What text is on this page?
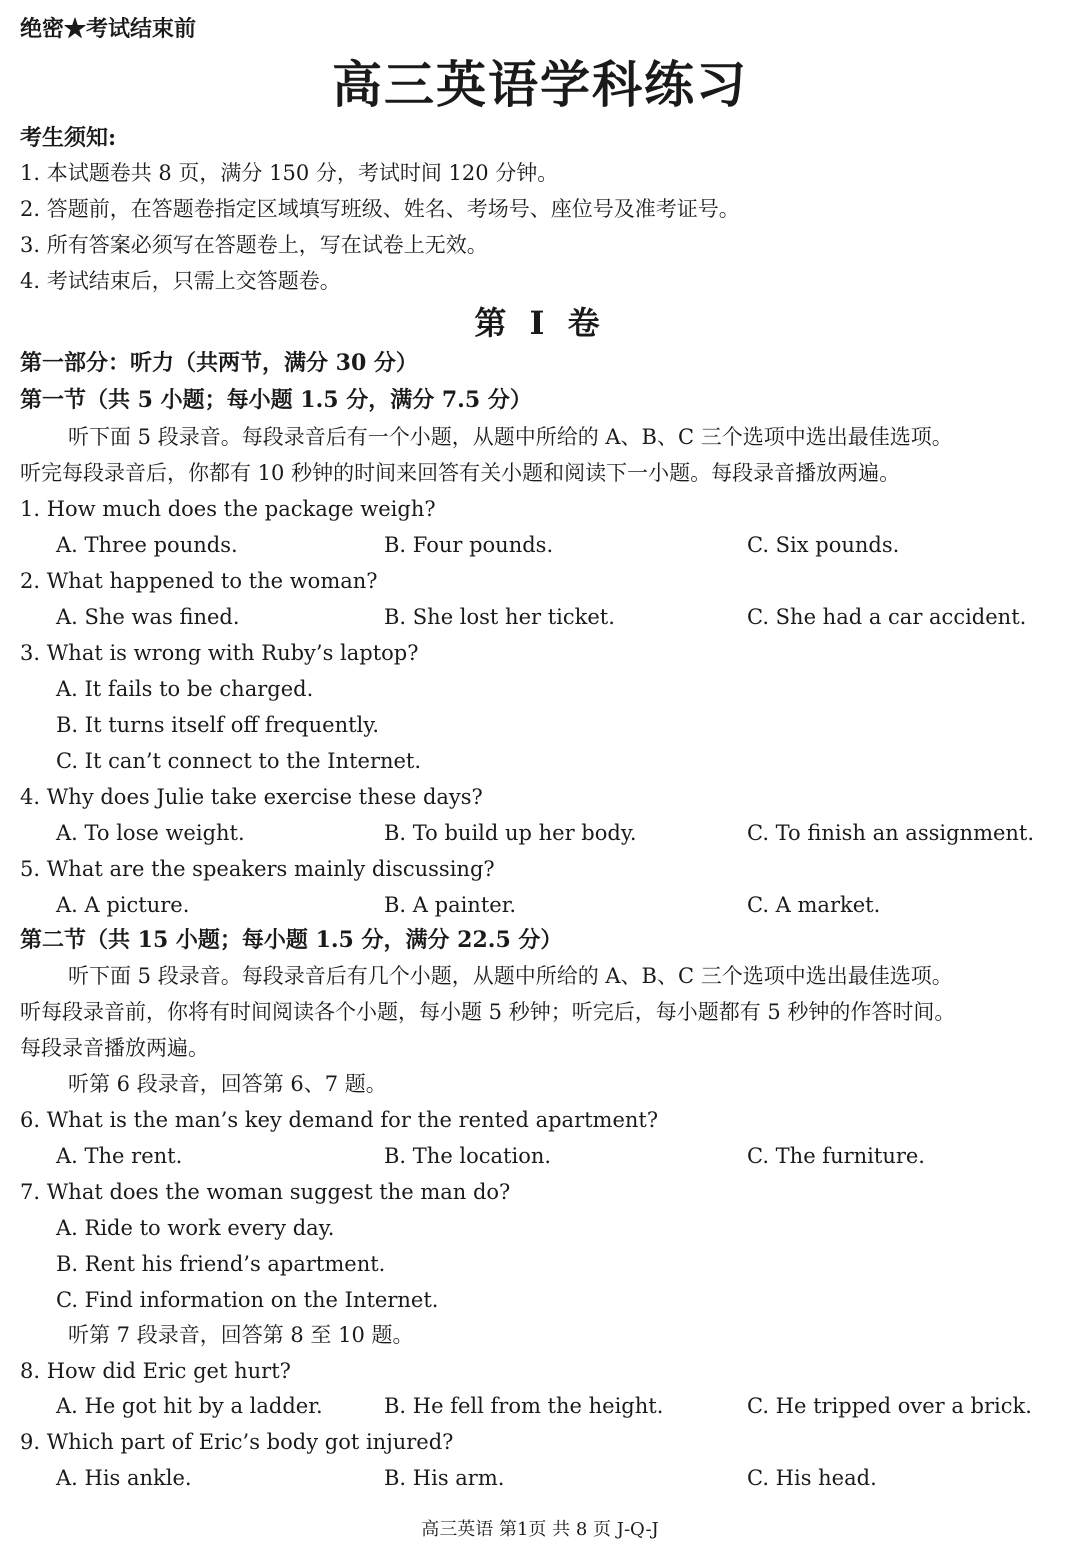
绝密★考试结束前
高三英语学科练习
考生须知:
1. 本试题卷共 8 页，满分 150 分，考试时间 120 分钟。
2. 答题前，在答题卷指定区域填写班级、姓名、考场号、座位号及准考证号。
3. 所有答案必须写在答题卷上，写在试卷上无效。
4. 考试结束后，只需上交答题卷。
第 I 卷
第一部分：听力（共两节，满分 30 分）
第一节（共 5 小题；每小题 1.5 分，满分 7.5 分）
听下面 5 段录音。每段录音后有一个小题，从题中所给的 A、B、C 三个选项中选出最佳选项。
听完每段录音后，你都有 10 秒钟的时间来回答有关小题和阅读下一小题。每段录音播放两遍。
1. How much does the package weigh?
A. Three pounds.	B. Four pounds.	C. Six pounds.
2. What happened to the woman?
A. She was fined.	B. She lost her ticket.	C. She had a car accident.
3. What is wrong with Ruby’s laptop?
A. It fails to be charged.
B. It turns itself off frequently.
C. It can’t connect to the Internet.
4. Why does Julie take exercise these days?
A. To lose weight.	B. To build up her body.	C. To finish an assignment.
5. What are the speakers mainly discussing?
A. A picture.	B. A painter.	C. A market.
第二节（共 15 小题；每小题 1.5 分，满分 22.5 分）
听下面 5 段录音。每段录音后有几个小题，从题中所给的 A、B、C 三个选项中选出最佳选项。
听每段录音前，你将有时间阅读各个小题，每小题 5 秒钟；听完后，每小题都有 5 秒钟的作答时间。
每段录音播放两遍。
听第 6 段录音，回答第 6、7 题。
6. What is the man’s key demand for the rented apartment?
A. The rent.	B. The location.	C. The furniture.
7. What does the woman suggest the man do?
A. Ride to work every day.
B. Rent his friend’s apartment.
C. Find information on the Internet.
听第 7 段录音，回答第 8 至 10 题。
8. How did Eric get hurt?
A. He got hit by a ladder.	B. He fell from the height.	C. He tripped over a brick.
9. Which part of Eric’s body got injured?
A. His ankle.	B. His arm.	C. His head.
高三英语 第1页 共 8 页 J-Q-J
